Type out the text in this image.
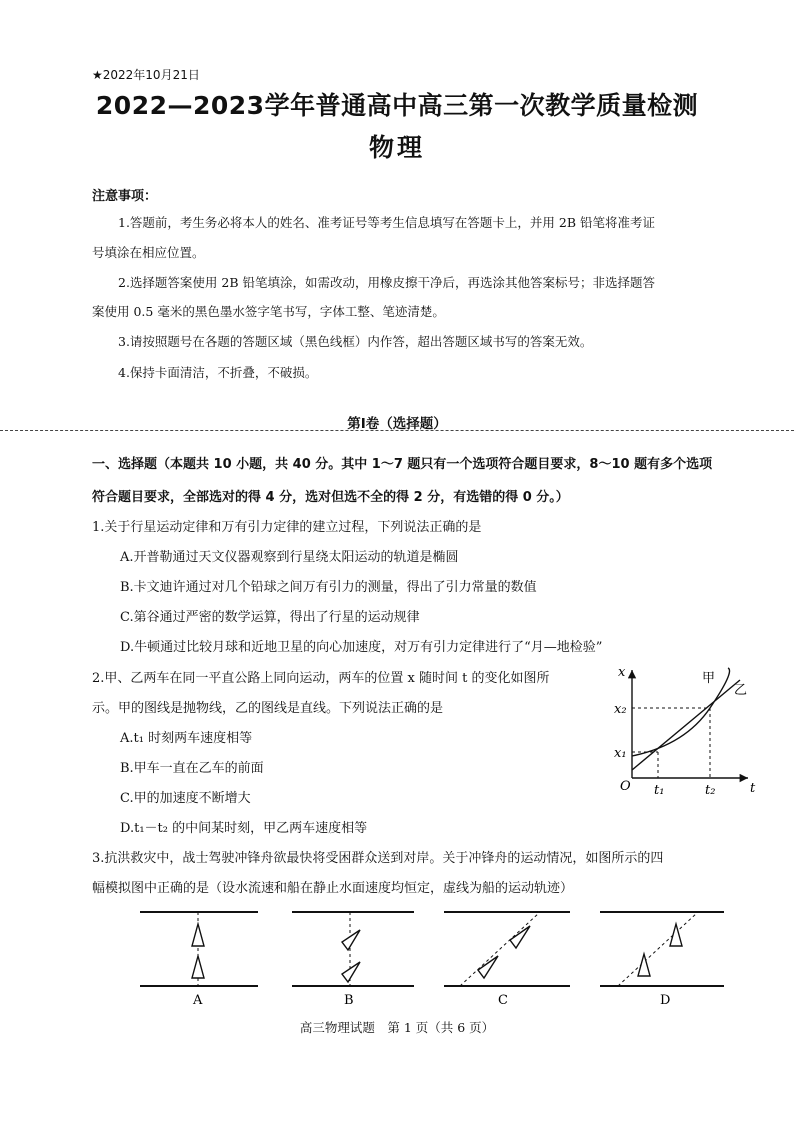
★2022年10月21日
2022—2023学年普通高中高三第一次教学质量检测
物理
注意事项：
1.答题前，考生务必将本人的姓名、准考证号等考生信息填写在答题卡上，并用 2B 铅笔将准考证
号填涂在相应位置。
2.选择题答案使用 2B 铅笔填涂，如需改动，用橡皮擦干净后，再选涂其他答案标号；非选择题答
案使用 0.5 毫米的黑色墨水签字笔书写，字体工整、笔迹清楚。
3.请按照题号在各题的答题区域（黑色线框）内作答，超出答题区域书写的答案无效。
4.保持卡面清洁，不折叠，不破损。
第Ⅰ卷（选择题）
一、选择题（本题共 10 小题，共 40 分。其中 1～7 题只有一个选项符合题目要求，8～10 题有多个选项
符合题目要求，全部选对的得 4 分，选对但选不全的得 2 分，有选错的得 0 分。）
1.关于行星运动定律和万有引力定律的建立过程，下列说法正确的是
A.开普勒通过天文仪器观察到行星绕太阳运动的轨道是椭圆
B.卡文迪许通过对几个铅球之间万有引力的测量，得出了引力常量的数值
C.第谷通过严密的数学运算，得出了行星的运动规律
D.牛顿通过比较月球和近地卫星的向心加速度，对万有引力定律进行了“月—地检验”
2.甲、乙两车在同一平直公路上同向运动，两车的位置 x 随时间 t 的变化如图所
示。甲的图线是抛物线，乙的图线是直线。下列说法正确的是
A.t₁ 时刻两车速度相等
B.甲车一直在乙车的前面
C.甲的加速度不断增大
D.t₁－t₂ 的中间某时刻，甲乙两车速度相等
x
t
O
x₂
x₁
t₁	t₂
甲
乙
3.抗洪救灾中，战士驾驶冲锋舟欲最快将受困群众送到对岸。关于冲锋舟的运动情况，如图所示的四
幅模拟图中正确的是（设水流速和船在静止水面速度均恒定，虚线为船的运动轨迹）
A	B	C	D
高三物理试题　第 1 页（共 6 页）
